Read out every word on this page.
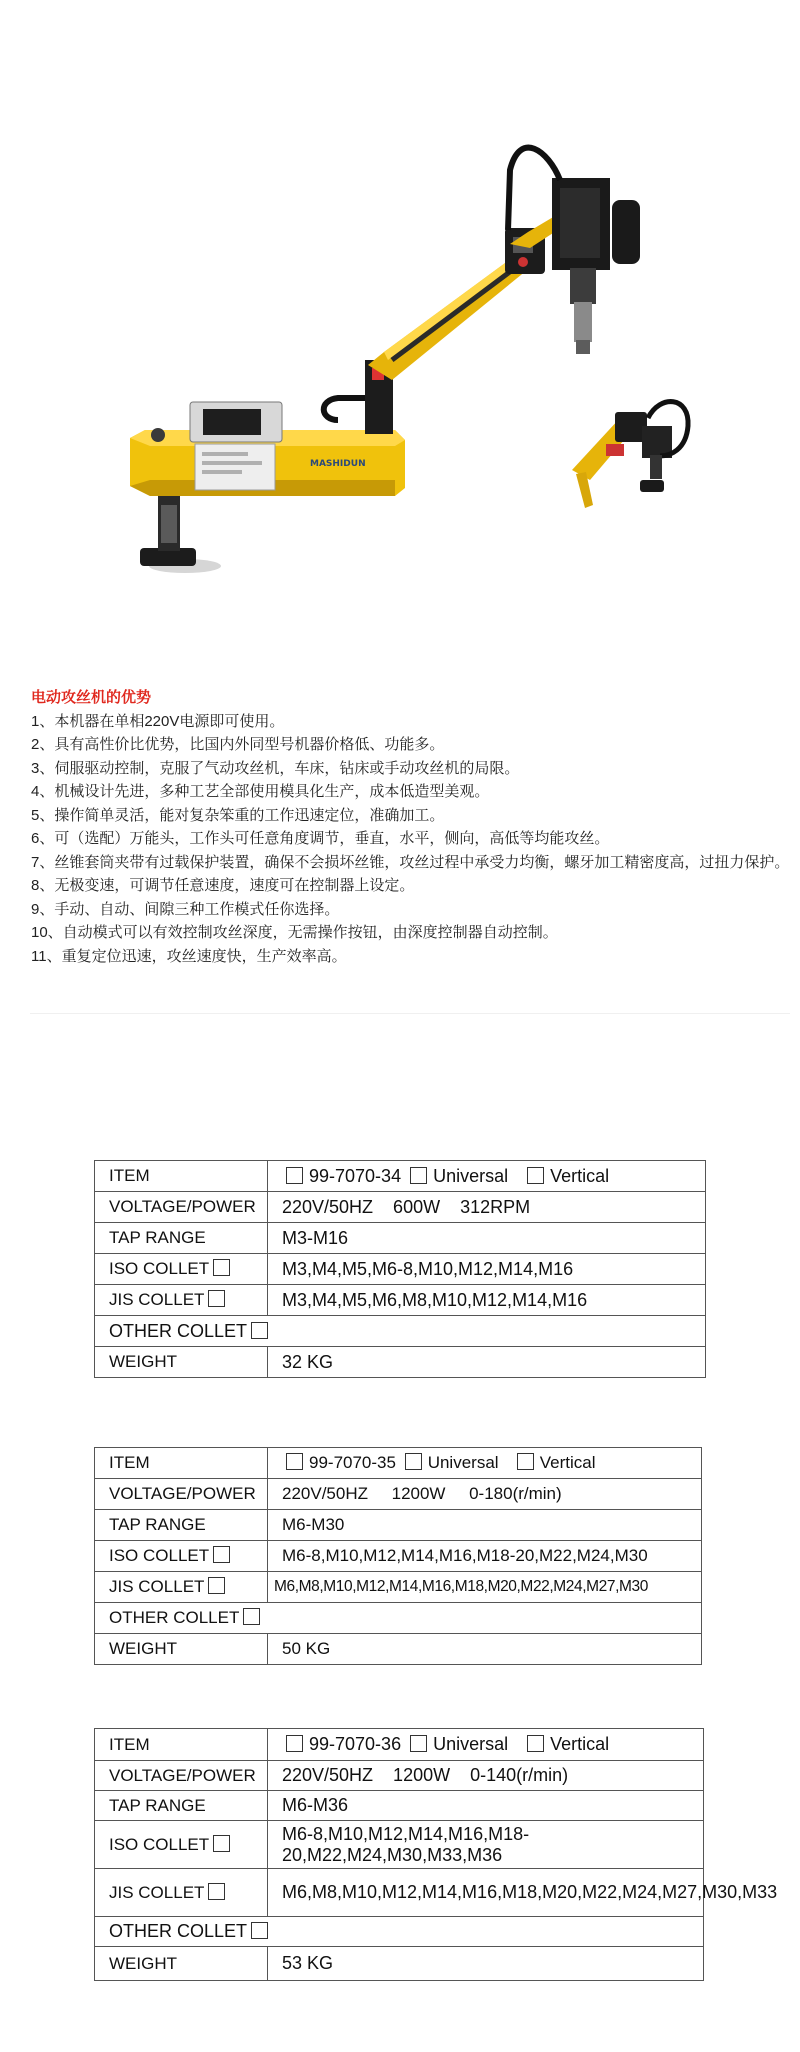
MASHIDUN
电动攻丝机的优势
1、本机器在单相220V电源即可使用。
2、具有高性价比优势，比国内外同型号机器价格低、功能多。
3、伺服驱动控制，克服了气动攻丝机，车床，钻床或手动攻丝机的局限。
4、机械设计先进，多种工艺全部使用模具化生产，成本低造型美观。
5、操作简单灵活，能对复杂笨重的工作迅速定位，准确加工。
6、可（选配）万能头，工作头可任意角度调节，垂直，水平，侧向，高低等均能攻丝。
7、丝锥套筒夹带有过载保护装置，确保不会损坏丝锥，攻丝过程中承受力均衡，螺牙加工精密度高，过扭力保护。
8、无极变速，可调节任意速度，速度可在控制器上设定。
9、手动、自动、间隙三种工作模式任你选择。
10、自动模式可以有效控制攻丝深度，无需操作按钮，由深度控制器自动控制。
11、重复定位迅速，攻丝速度快，生产效率高。
ITEM	99-7070-34 Universal Vertical
VOLTAGE/POWER	220V/50HZ    600W    312RPM
TAP RANGE	M3-M16
ISO COLLET	M3,M4,M5,M6-8,M10,M12,M14,M16
JIS COLLET	M3,M4,M5,M6,M8,M10,M12,M14,M16
OTHER COLLET	
WEIGHT	32 KG
ITEM	99-7070-35 Universal Vertical
VOLTAGE/POWER	220V/50HZ     1200W     0-180(r/min)
TAP RANGE	M6-M30
ISO COLLET	M6-8,M10,M12,M14,M16,M18-20,M22,M24,M30
JIS COLLET	M6,M8,M10,M12,M14,M16,M18,M20,M22,M24,M27,M30
OTHER COLLET	
WEIGHT	50 KG
ITEM	99-7070-36 Universal Vertical
VOLTAGE/POWER	220V/50HZ    1200W    0-140(r/min)
TAP RANGE	M6-M36
ISO COLLET	M6-8,M10,M12,M14,M16,M18-20,M22,M24,M30,M33,M36
JIS COLLET	M6,M8,M10,M12,M14,M16,M18,M20,M22,M24,M27,M30,M33
OTHER COLLET	
WEIGHT	53 KG
